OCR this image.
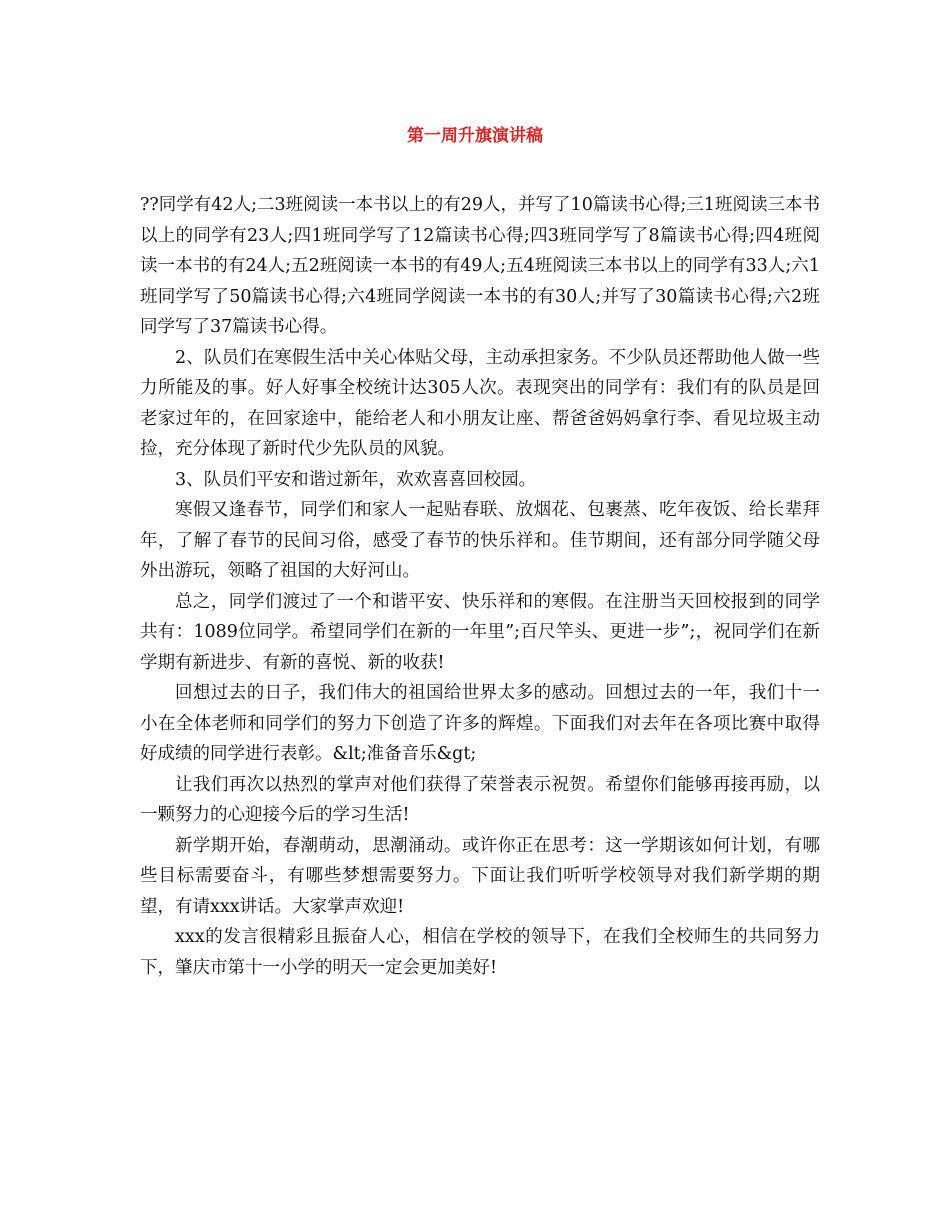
第一周升旗演讲稿

??同学有42人;二3班阅读一本书以上的有29人，并写了10篇读书心得;三1班阅读三本书以上的同学有23人;四1班同学写了12篇读书心得;四3班同学写了8篇读书心得;四4班阅读一本书的有24人;五2班阅读一本书的有49人;五4班阅读三本书以上的同学有33人;六1班同学写了50篇读书心得;六4班同学阅读一本书的有30人;并写了30篇读书心得;六2班同学写了37篇读书心得。

2、队员们在寒假生活中关心体贴父母，主动承担家务。不少队员还帮助他人做一些力所能及的事。好人好事全校统计达305人次。表现突出的同学有：我们有的队员是回老家过年的，在回家途中，能给老人和小朋友让座、帮爸爸妈妈拿行李、看见垃圾主动捡，充分体现了新时代少先队员的风貌。

3、队员们平安和谐过新年，欢欢喜喜回校园。

寒假又逢春节，同学们和家人一起贴春联、放烟花、包裹蒸、吃年夜饭、给长辈拜年，了解了春节的民间习俗，感受了春节的快乐祥和。佳节期间，还有部分同学随父母外出游玩，领略了祖国的大好河山。

总之，同学们渡过了一个和谐平安、快乐祥和的寒假。在注册当天回校报到的同学共有：1089位同学。希望同学们在新的一年里”;百尺竿头、更进一步”;，祝同学们在新学期有新进步、有新的喜悦、新的收获!

回想过去的日子，我们伟大的祖国给世界太多的感动。回想过去的一年，我们十一小在全体老师和同学们的努力下创造了许多的辉煌。下面我们对去年在各项比赛中取得好成绩的同学进行表彰。&lt;准备音乐&gt;

让我们再次以热烈的掌声对他们获得了荣誉表示祝贺。希望你们能够再接再励，以一颗努力的心迎接今后的学习生活!

新学期开始，春潮萌动，思潮涌动。或许你正在思考：这一学期该如何计划，有哪些目标需要奋斗，有哪些梦想需要努力。下面让我们听听学校领导对我们新学期的期望，有请xxx讲话。大家掌声欢迎!

xxx的发言很精彩且振奋人心，相信在学校的领导下，在我们全校师生的共同努力下，肇庆市第十一小学的明天一定会更加美好!
